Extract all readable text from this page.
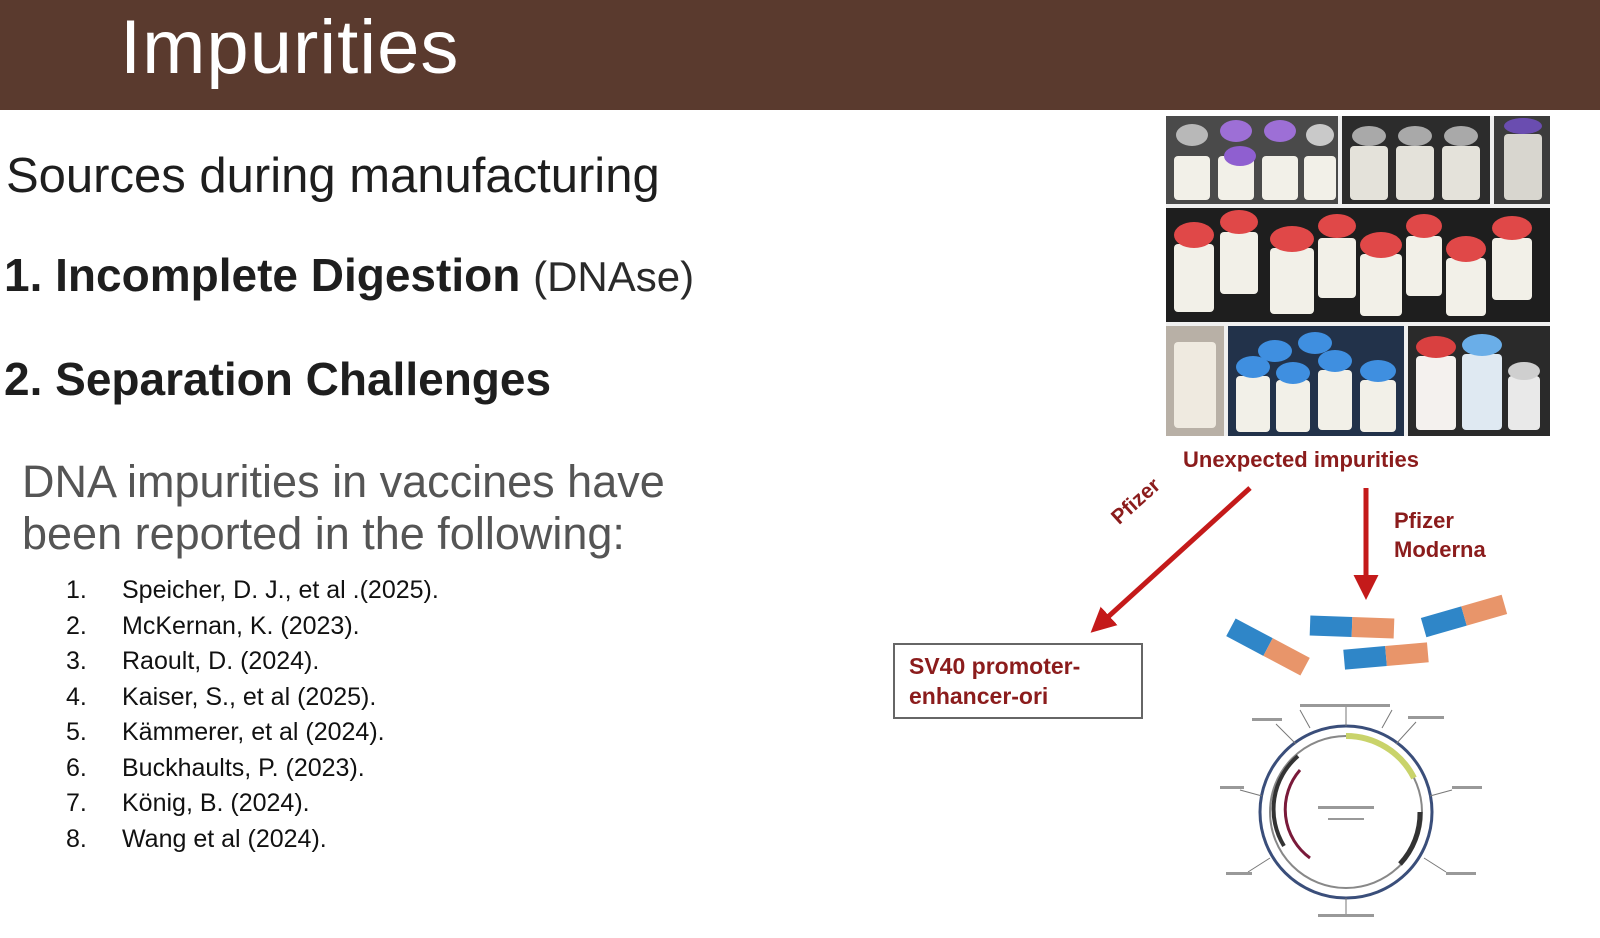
Impurities

Sources during manufacturing

1. Incomplete Digestion (DNAse)

2. Separation Challenges

DNA impurities in vaccines have
been reported in the following:

1.	Speicher, D. J., et al .(2025).
2.	McKernan, K. (2023).
3.	Raoult, D. (2024).
4.	Kaiser, S., et al (2025).
5.	Kämmerer, et al (2024).
6.	Buckhaults, P. (2023).
7.	König, B. (2024).
8.	Wang et al (2024).
Unexpected impurities
Pfizer	Pfizer
Moderna
SV40 promoter-
enhancer-ori
